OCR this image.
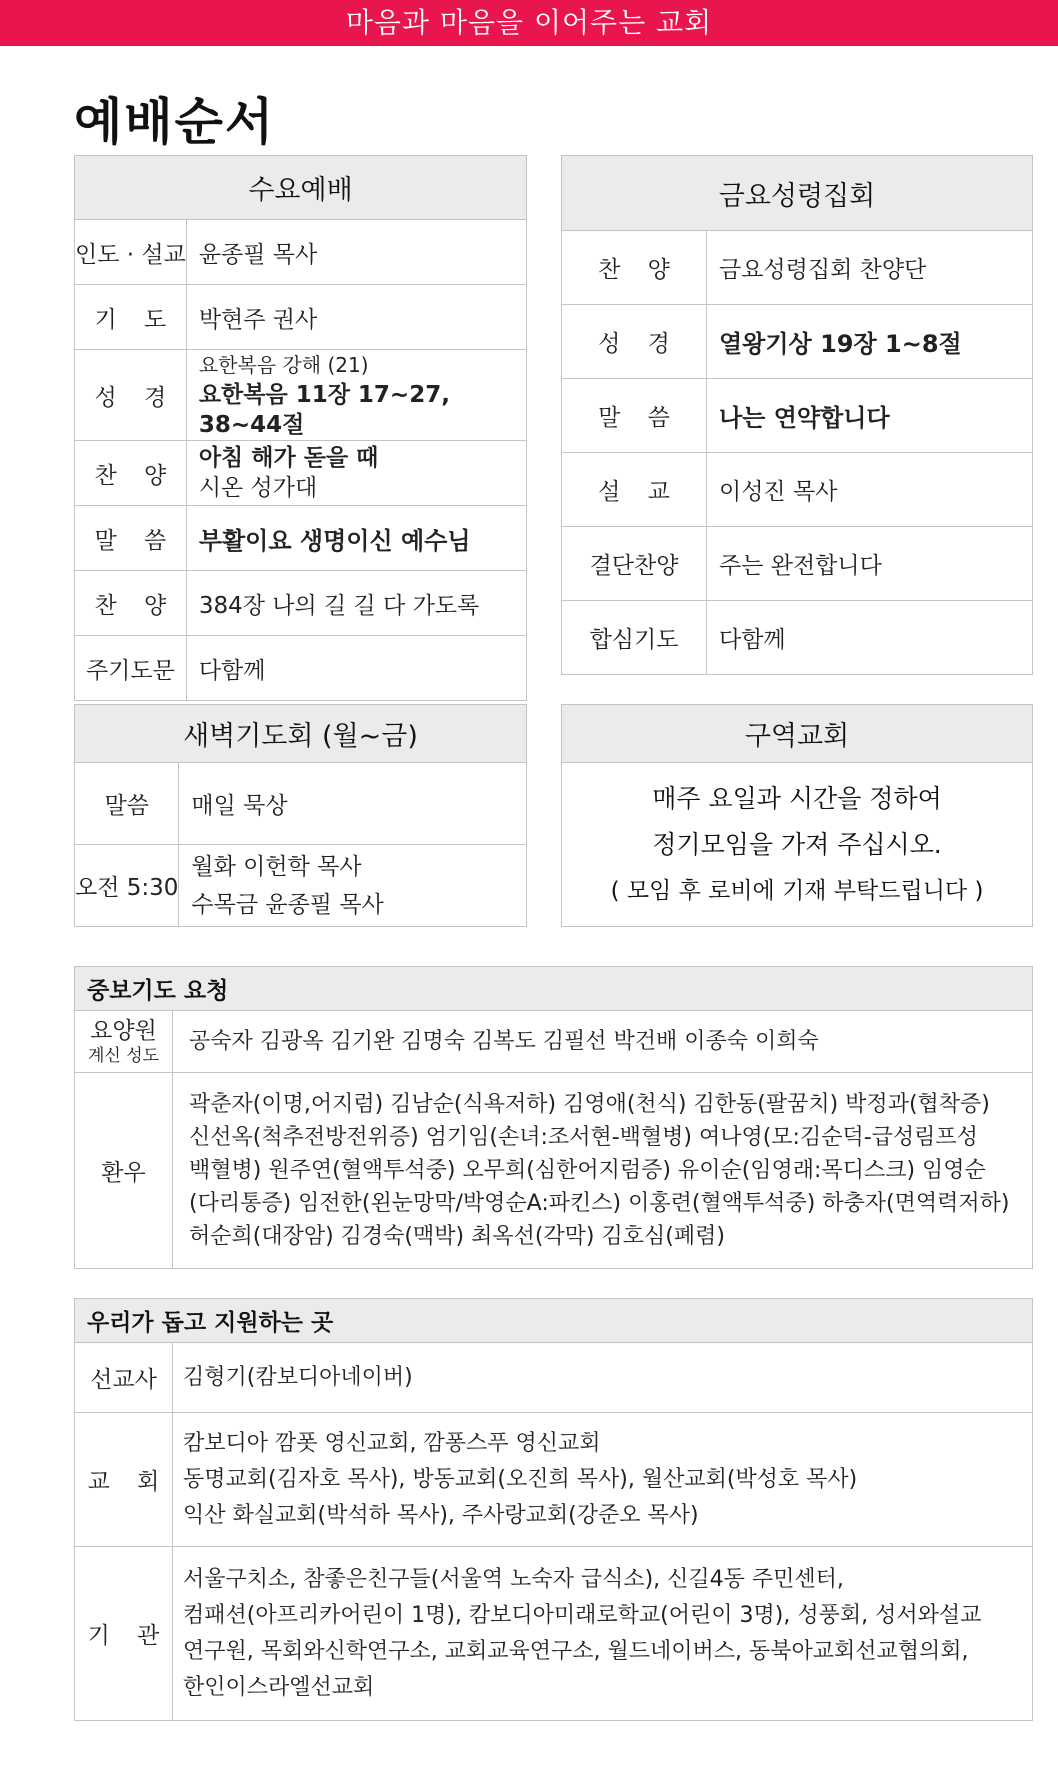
마음과 마음을 이어주는 교회
예배순서
수요예배	
인도 · 설교	윤종필 목사
기 도	박현주 권사
성 경	요한복음 강해 (21)
요한복음 11장 17~27, 38~44절

찬 양	아침 해가 돋을 때
시온 성가대

말 씀	부활이요 생명이신 예수님
찬 양	384장 나의 길 길 다 가도록
주기도문	다함께
금요성령집회	
찬 양	금요성령집회 찬양단
성 경	열왕기상 19장 1~8절
말 씀	나는 연약합니다
설 교	이성진 목사
결단찬양	주는 완전합니다
합심기도	다함께
새벽기도회 (월~금)	
말씀	매일 묵상
오전 5:30	월화 이헌학 목사
수목금 윤종필 목사
구역교회

매주 요일과 시간을 정하여
정기모임을 가져 주십시오.
( 모임 후 로비에 기재 부탁드립니다 )
중보기도 요청	

요양원
계신 성도	공숙자 김광옥 김기완 김명숙 김복도 김필선 박건배 이종숙 이희숙
환우	곽춘자(이명,어지럼) 김남순(식욕저하) 김영애(천식) 김한동(팔꿈치) 박정과(협착증)
신선옥(척추전방전위증) 엄기임(손녀:조서현-백혈병) 여나영(모:김순덕-급성림프성
백혈병) 원주연(혈액투석중) 오무희(심한어지럼증) 유이순(임영래:목디스크) 임영순
(다리통증) 임전한(왼눈망막/박영순A:파킨스) 이홍련(혈액투석중) 하충자(면역력저하)
허순희(대장암) 김경숙(맥박) 최옥선(각막) 김호심(폐렴)
우리가 돕고 지원하는 곳	
선교사	김형기(캄보디아네이버)
교 회	캄보디아 깜폿 영신교회, 깜퐁스푸 영신교회
동명교회(김자호 목사), 방동교회(오진희 목사), 월산교회(박성호 목사)
익산 화실교회(박석하 목사), 주사랑교회(강준오 목사)
기 관	서울구치소, 참좋은친구들(서울역 노숙자 급식소), 신길4동 주민센터,
컴패션(아프리카어린이 1명), 캄보디아미래로학교(어린이 3명), 성풍회, 성서와설교
연구원, 목회와신학연구소, 교회교육연구소, 월드네이버스, 동북아교회선교협의회,
한인이스라엘선교회
